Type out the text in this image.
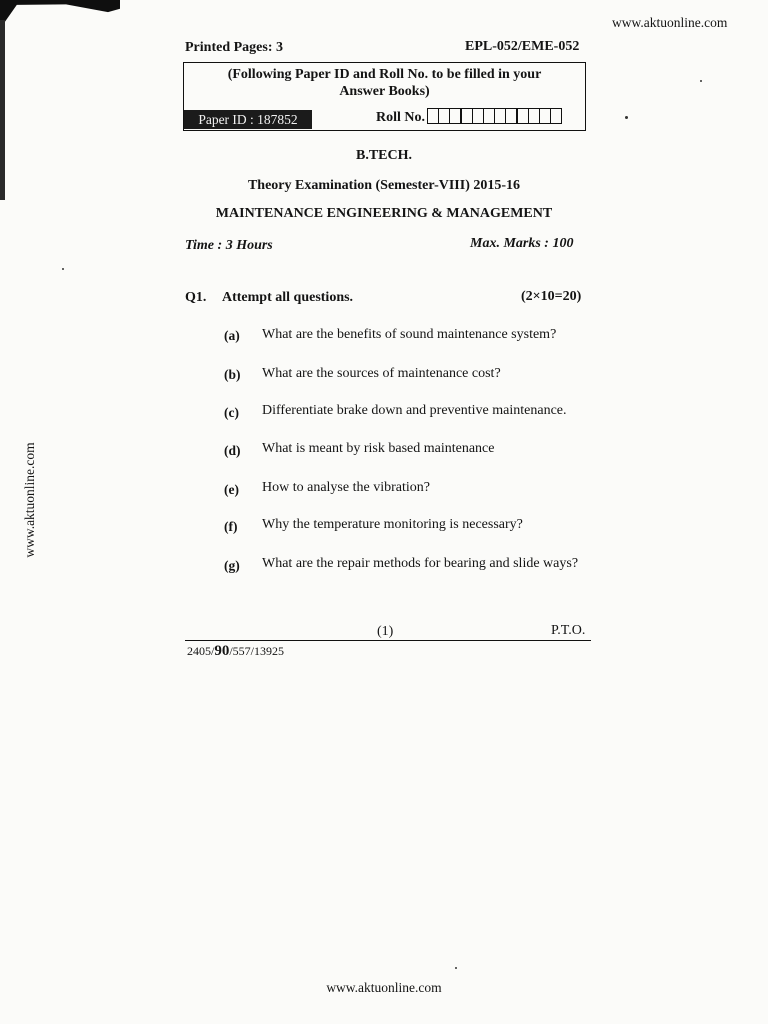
www.aktuonline.com
www.aktuonline.com
www.aktuonline.com
Printed Pages: 3	EPL-052/EME-052
(Following Paper ID and Roll No. to be filled in your
Answer Books)
Paper ID : 187852	Roll No.
B.TECH.
Theory Examination (Semester-VIII) 2015-16
MAINTENANCE ENGINEERING & MANAGEMENT
Time : 3 Hours	Max. Marks : 100
Q1. Attempt all questions.	(2×10=20)
(a) What are the benefits of sound maintenance system?
(b) What are the sources of maintenance cost?
(c) Differentiate brake down and preventive maintenance.
(d) What is meant by risk based maintenance
(e) How to analyse the vibration?
(f) Why the temperature monitoring is necessary?
(g) What are the repair methods for bearing and slide ways?
(1)	P.T.O.
2405/90/557/13925
